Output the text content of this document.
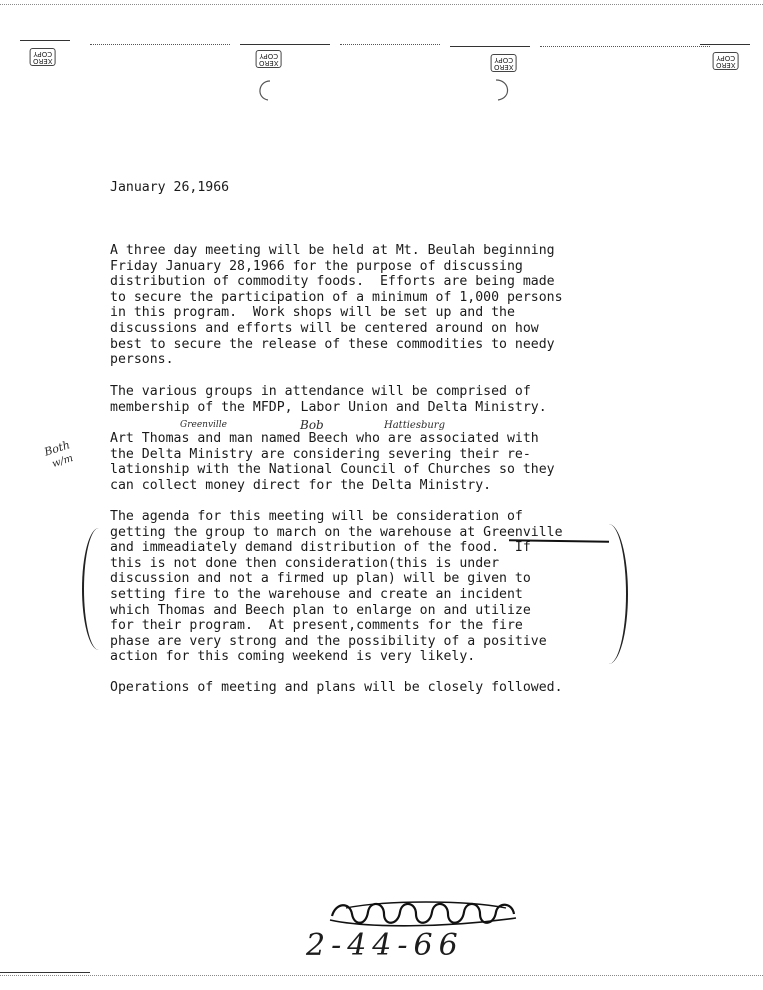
XERO
COPY
XERO
COPY
XERO
COPY
XERO
COPY
January 26,1966
A three day meeting will be held at Mt. Beulah beginning
Friday January 28,1966 for the purpose of discussing
distribution of commodity foods.  Efforts are being made
to secure the participation of a minimum of 1,000 persons
in this program.  Work shops will be set up and the
discussions and efforts will be centered around on how
best to secure the release of these commodities to needy
persons.
The various groups in attendance will be comprised of
membership of the MFDP, Labor Union and Delta Ministry.
Art Thomas and man named Beech who are associated with
the Delta Ministry are considering severing their re-
lationship with the National Council of Churches so they
can collect money direct for the Delta Ministry.
Greenville	Bob	Hattiesburg
Both
w/m
The agenda for this meeting will be consideration of
getting the group to march on the warehouse at Greenville
and immeadiately demand distribution of the food.  If
this is not done then consideration(this is under
discussion and not a firmed up plan) will be given to
setting fire to the warehouse and create an incident
which Thomas and Beech plan to enlarge on and utilize
for their program.  At present,comments for the fire
phase are very strong and the possibility of a positive
action for this coming weekend is very likely.
Operations of meeting and plans will be closely followed.
2-44-66
